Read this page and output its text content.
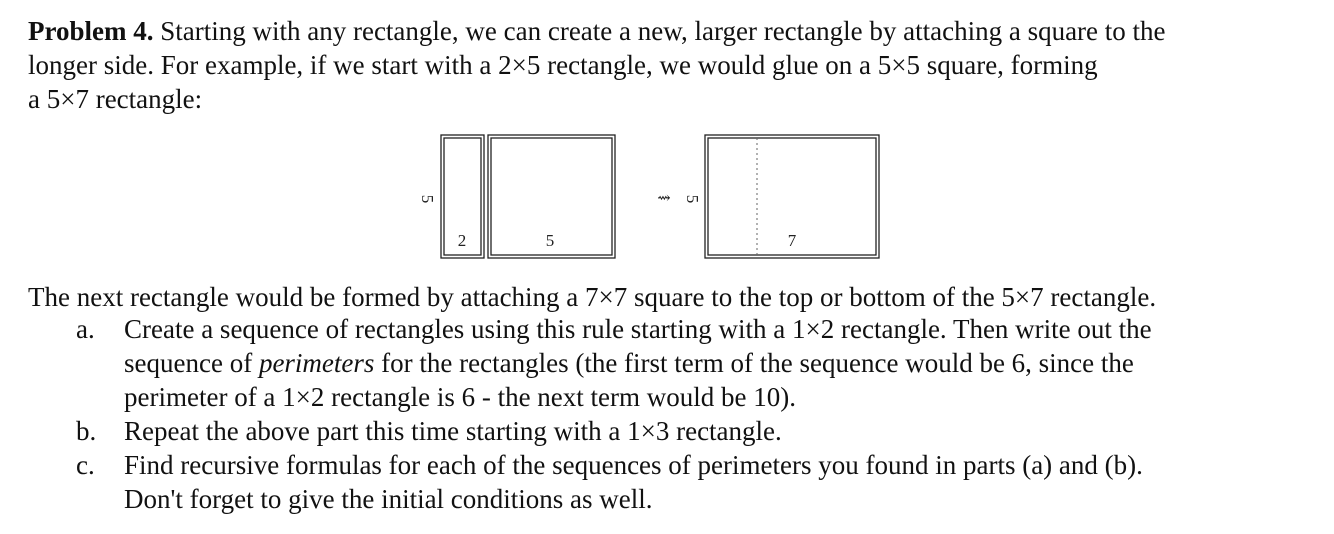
Problem 4. Starting with any rectangle, we can create a new, larger rectangle by attaching a square to the
longer side. For example, if we start with a 2×5 rectangle, we would glue on a 5×5 square, forming
a 5×7 rectangle:
5
2	5
⇝ 5
7
The next rectangle would be formed by attaching a 7×7 square to the top or bottom of the 5×7 rectangle.
a.	Create a sequence of rectangles using this rule starting with a 1×2 rectangle. Then write out the
sequence of perimeters for the rectangles (the first term of the sequence would be 6, since the
perimeter of a 1×2 rectangle is 6 - the next term would be 10).
b.	Repeat the above part this time starting with a 1×3 rectangle.
c.	Find recursive formulas for each of the sequences of perimeters you found in parts (a) and (b).
Don't forget to give the initial conditions as well.
